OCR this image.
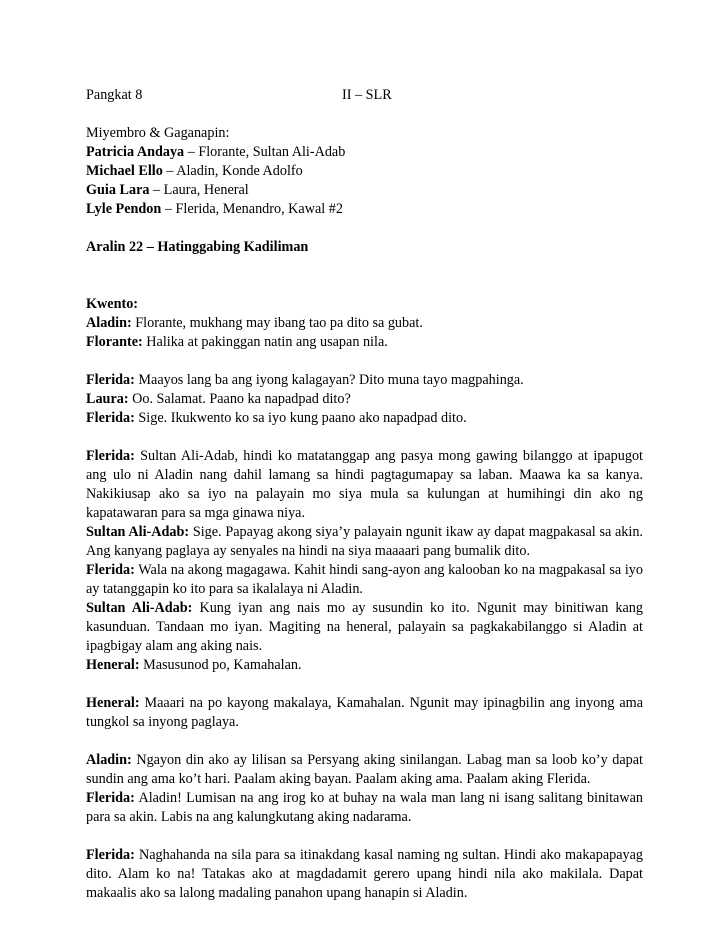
Pangkat 8	II – SLR

Miyembro & Gaganapin:

Patricia Andaya – Florante, Sultan Ali-Adab

Michael Ello – Aladin, Konde Adolfo

Guia Lara – Laura, Heneral

Lyle Pendon – Flerida, Menandro, Kawal #2

Aralin 22 – Hatinggabing Kadiliman

Kwento:

Aladin: Florante, mukhang may ibang tao pa dito sa gubat.

Florante: Halika at pakinggan natin ang usapan nila.

Flerida: Maayos lang ba ang iyong kalagayan? Dito muna tayo magpahinga.

Laura: Oo. Salamat. Paano ka napadpad dito?

Flerida: Sige. Ikukwento ko sa iyo kung paano ako napadpad dito.

Flerida: Sultan Ali-Adab, hindi ko matatanggap ang pasya mong gawing bilanggo at ipapugot ang ulo ni Aladin nang dahil lamang sa hindi pagtagumapay sa laban. Maawa ka sa kanya. Nakikiusap ako sa iyo na palayain mo siya mula sa kulungan at humihingi din ako ng kapatawaran para sa mga ginawa niya.

Sultan Ali-Adab: Sige. Papayag akong siya’y palayain ngunit ikaw ay dapat magpakasal sa akin. Ang kanyang paglaya ay senyales na hindi na siya maaaari pang bumalik dito.

Flerida: Wala na akong magagawa. Kahit hindi sang-ayon ang kalooban ko na magpakasal sa iyo ay tatanggapin ko ito para sa ikalalaya ni Aladin.

Sultan Ali-Adab: Kung iyan ang nais mo ay susundin ko ito. Ngunit may binitiwan kang kasunduan. Tandaan mo iyan. Magiting na heneral, palayain sa pagkakabilanggo si Aladin at ipagbigay alam ang aking nais.

Heneral: Masusunod po, Kamahalan.

Heneral: Maaari na po kayong makalaya, Kamahalan. Ngunit may ipinagbilin ang inyong ama tungkol sa inyong paglaya.

Aladin: Ngayon din ako ay lilisan sa Persyang aking sinilangan. Labag man sa loob ko’y dapat sundin ang ama ko’t hari. Paalam aking bayan. Paalam aking ama. Paalam aking Flerida.

Flerida: Aladin! Lumisan na ang irog ko at buhay na wala man lang ni isang salitang binitawan para sa akin. Labis na ang kalungkutang aking nadarama.

Flerida: Naghahanda na sila para sa itinakdang kasal naming ng sultan. Hindi ako makapapayag dito. Alam ko na! Tatakas ako at magdadamit gerero upang hindi nila ako makilala. Dapat makaalis ako sa lalong madaling panahon upang hanapin si Aladin.
